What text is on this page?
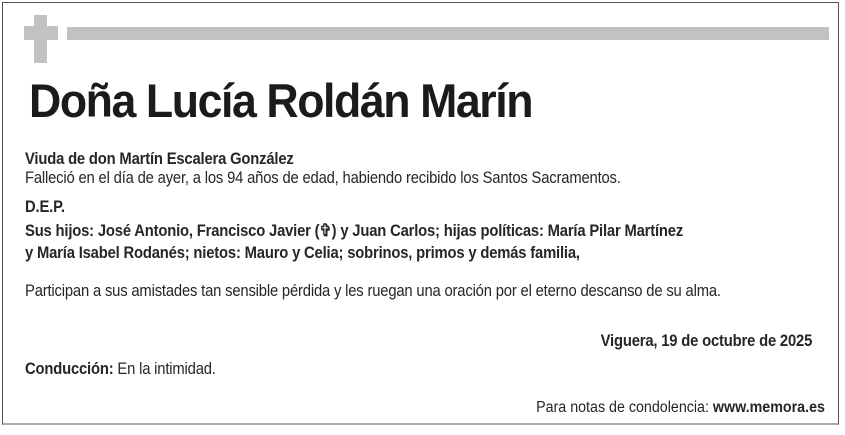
Doña Lucía Roldán Marín
Viuda de don Martín Escalera González
Falleció en el día de ayer, a los 94 años de edad, habiendo recibido los Santos Sacramentos.
D.E.P.
Sus hijos: José Antonio, Francisco Javier (✞) y Juan Carlos; hijas políticas: María Pilar Martínez
y María Isabel Rodanés; nietos: Mauro y Celia; sobrinos, primos y demás familia,
Participan a sus amistades tan sensible pérdida y les ruegan una oración por el eterno descanso de su alma.
Viguera, 19 de octubre de 2025
Conducción: En la intimidad.
Para notas de condolencia: www.memora.es
